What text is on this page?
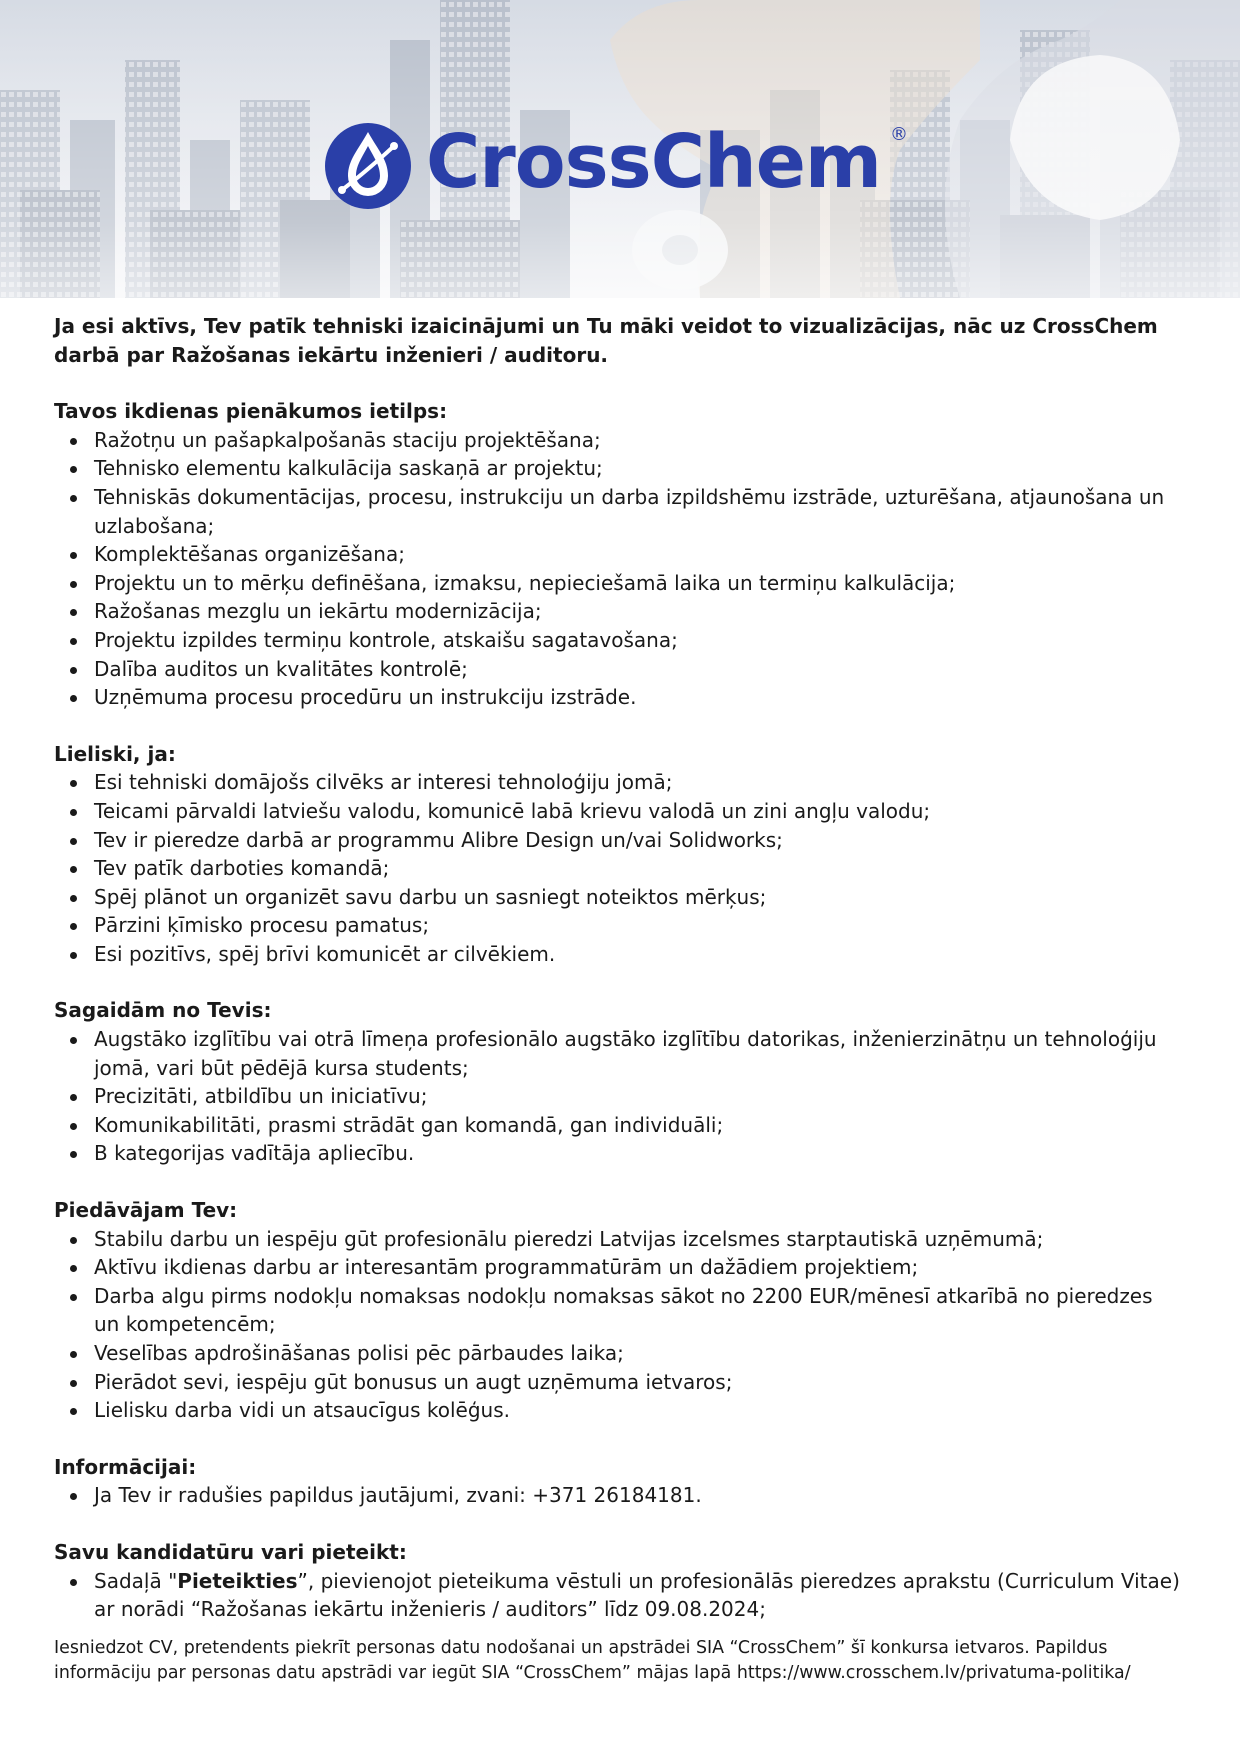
CrossChem ®

Ja esi aktīvs, Tev patīk tehniski izaicinājumi un Tu māki veidot to vizualizācijas, nāc uz CrossChem darbā par Ražošanas iekārtu inženieri / auditoru.

Tavos ikdienas pienākumos ietilps:
Ražotņu un pašapkalpošanās staciju projektēšana;
Tehnisko elementu kalkulācija saskaņā ar projektu;
Tehniskās dokumentācijas, procesu, instrukciju un darba izpildshēmu izstrāde, uzturēšana, atjaunošana un uzlabošana;
Komplektēšanas organizēšana;
Projektu un to mērķu definēšana, izmaksu, nepieciešamā laika un termiņu kalkulācija;
Ražošanas mezglu un iekārtu modernizācija;
Projektu izpildes termiņu kontrole, atskaišu sagatavošana;
Dalība auditos un kvalitātes kontrolē;
Uzņēmuma procesu procedūru un instrukciju izstrāde.
Lieliski, ja:
Esi tehniski domājošs cilvēks ar interesi tehnoloģiju jomā;
Teicami pārvaldi latviešu valodu, komunicē labā krievu valodā un zini angļu valodu;
Tev ir pieredze darbā ar programmu Alibre Design un/vai Solidworks;
Tev patīk darboties komandā;
Spēj plānot un organizēt savu darbu un sasniegt noteiktos mērķus;
Pārzini ķīmisko procesu pamatus;
Esi pozitīvs, spēj brīvi komunicēt ar cilvēkiem.
Sagaidām no Tevis:
Augstāko izglītību vai otrā līmeņa profesionālo augstāko izglītību datorikas, inženierzinātņu un tehnoloģiju jomā, vari būt pēdējā kursa students;
Precizitāti, atbildību un iniciatīvu;
Komunikabilitāti, prasmi strādāt gan komandā, gan individuāli;
B kategorijas vadītāja apliecību.
Piedāvājam Tev:
Stabilu darbu un iespēju gūt profesionālu pieredzi Latvijas izcelsmes starptautiskā uzņēmumā;
Aktīvu ikdienas darbu ar interesantām programmatūrām un dažādiem projektiem;
Darba algu pirms nodokļu nomaksas nodokļu nomaksas sākot no 2200 EUR/mēnesī atkarībā no pieredzes un kompetencēm;
Veselības apdrošināšanas polisi pēc pārbaudes laika;
Pierādot sevi, iespēju gūt bonusus un augt uzņēmuma ietvaros;
Lielisku darba vidi un atsaucīgus kolēģus.
Informācijai:
Ja Tev ir radušies papildus jautājumi, zvani: +371 26184181.
Savu kandidatūru vari pieteikt:
Sadaļā "Pieteikties”, pievienojot pieteikuma vēstuli un profesionālās pieredzes aprakstu (Curriculum Vitae) ar norādi “Ražošanas iekārtu inženieris / auditors” līdz 09.08.2024;
Iesniedzot CV, pretendents piekrīt personas datu nodošanai un apstrādei SIA “CrossChem” šī konkursa ietvaros. Papildus informāciju par personas datu apstrādi var iegūt SIA “CrossChem” mājas lapā https://www.crosschem.lv/privatuma-politika/
